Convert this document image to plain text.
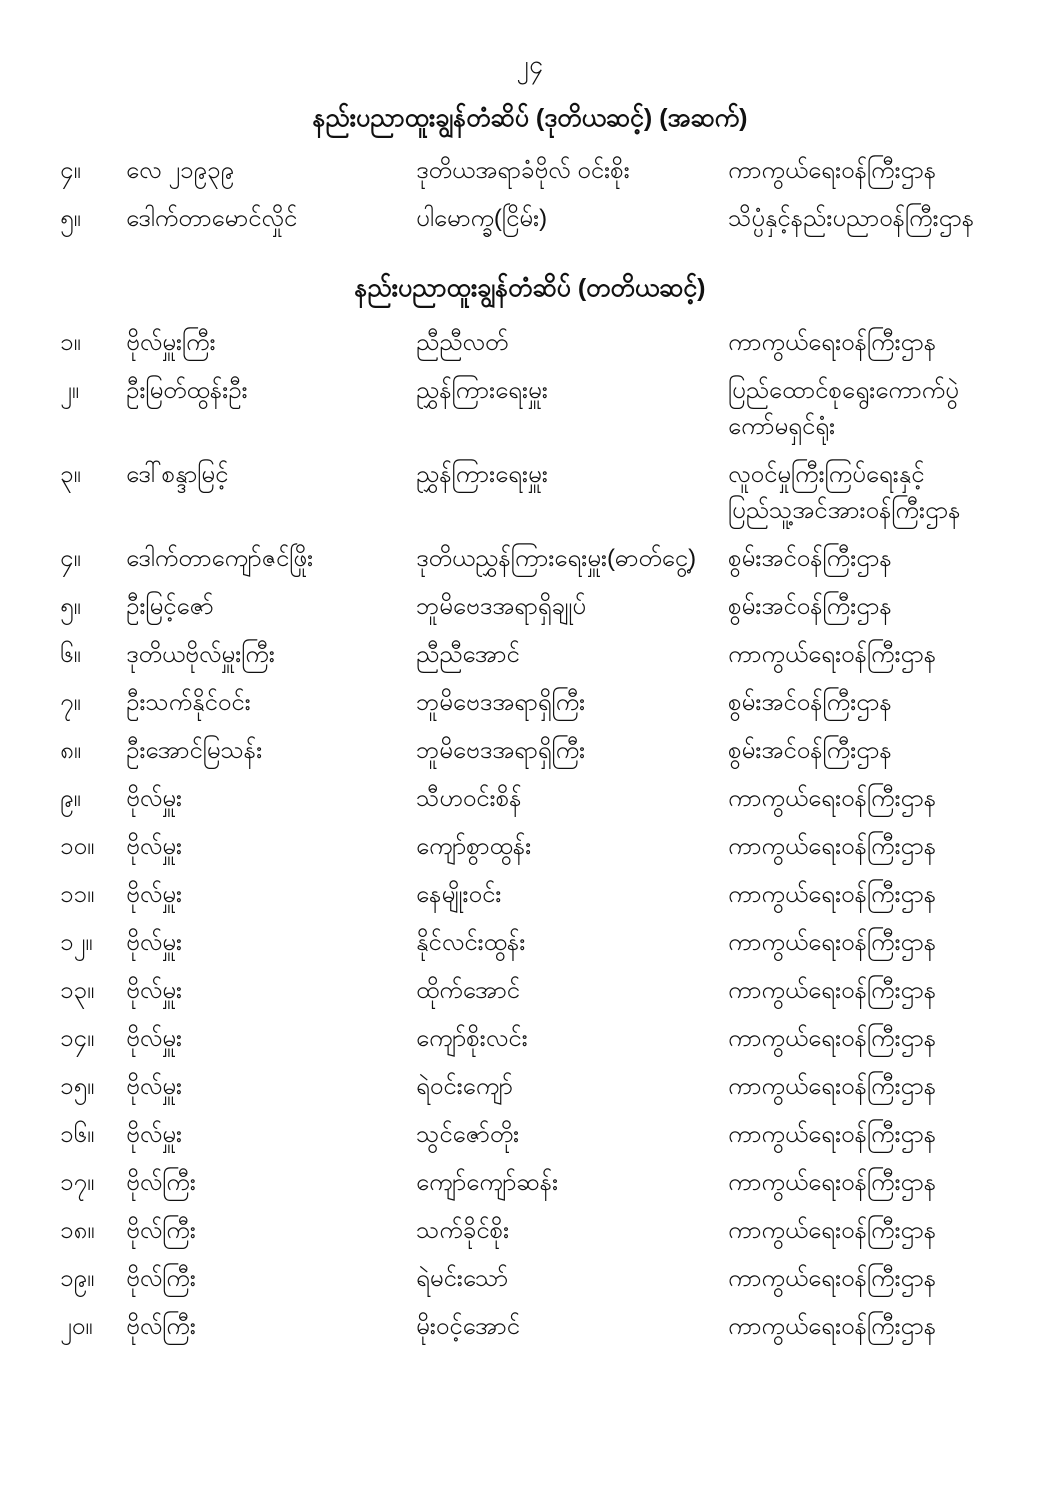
၂၄
နည်းပညာထူးချွန်တံဆိပ် (ဒုတိယဆင့်) (အဆက်)
၄။	လေ ၂၁၉၃၉	ဒုတိယအရာခံဗိုလ် ဝင်းစိုး	ကာကွယ်ရေးဝန်ကြီးဌာန
၅။	ဒေါက်တာမောင်လှိုင်	ပါမောက္ခ(ငြိမ်း)	သိပ္ပံနှင့်နည်းပညာဝန်ကြီးဌာန
နည်းပညာထူးချွန်တံဆိပ် (တတိယဆင့်)
၁။	ဗိုလ်မှူးကြီး	ညီညီလတ်	ကာကွယ်ရေးဝန်ကြီးဌာန

၂။	ဦးမြတ်ထွန်းဦး	ညွှန်ကြားရေးမှူး	ပြည်ထောင်စုရွေးကောက်ပွဲ
ကော်မရှင်ရုံး

၃။	ဒေါ်စန္ဒာမြင့်	ညွှန်ကြားရေးမှူး	လူဝင်မှုကြီးကြပ်ရေးနှင့်
ပြည်သူ့အင်အားဝန်ကြီးဌာန

၄။	ဒေါက်တာကျော်ဇင်ဖြိုး	ဒုတိယညွှန်ကြားရေးမှူး(ဓာတ်ငွေ့)	စွမ်းအင်ဝန်ကြီးဌာန
၅။	ဦးမြင့်ဇော်	ဘူမိဗေဒအရာရှိချုပ်	စွမ်းအင်ဝန်ကြီးဌာန
၆။	ဒုတိယဗိုလ်မှူးကြီး	ညီညီအောင်	ကာကွယ်ရေးဝန်ကြီးဌာန
၇။	ဦးသက်နိုင်ဝင်း	ဘူမိဗေဒအရာရှိကြီး	စွမ်းအင်ဝန်ကြီးဌာန
၈။	ဦးအောင်မြသန်း	ဘူမိဗေဒအရာရှိကြီး	စွမ်းအင်ဝန်ကြီးဌာန
၉။	ဗိုလ်မှူး	သီဟဝင်းစိန်	ကာကွယ်ရေးဝန်ကြီးဌာန
၁၀။	ဗိုလ်မှူး	ကျော်စွာထွန်း	ကာကွယ်ရေးဝန်ကြီးဌာန
၁၁။	ဗိုလ်မှူး	နေမျိုးဝင်း	ကာကွယ်ရေးဝန်ကြီးဌာန
၁၂။	ဗိုလ်မှူး	နိုင်လင်းထွန်း	ကာကွယ်ရေးဝန်ကြီးဌာန
၁၃။	ဗိုလ်မှူး	ထိုက်အောင်	ကာကွယ်ရေးဝန်ကြီးဌာန
၁၄။	ဗိုလ်မှူး	ကျော်စိုးလင်း	ကာကွယ်ရေးဝန်ကြီးဌာန
၁၅။	ဗိုလ်မှူး	ရဲဝင်းကျော်	ကာကွယ်ရေးဝန်ကြီးဌာန
၁၆။	ဗိုလ်မှူး	သွင်ဇော်တိုး	ကာကွယ်ရေးဝန်ကြီးဌာန
၁၇။	ဗိုလ်ကြီး	ကျော်ကျော်ဆန်း	ကာကွယ်ရေးဝန်ကြီးဌာန
၁၈။	ဗိုလ်ကြီး	သက်ခိုင်စိုး	ကာကွယ်ရေးဝန်ကြီးဌာန
၁၉။	ဗိုလ်ကြီး	ရဲမင်းသော်	ကာကွယ်ရေးဝန်ကြီးဌာန
၂၀။	ဗိုလ်ကြီး	မိုးဝင့်အောင်	ကာကွယ်ရေးဝန်ကြီးဌာန
